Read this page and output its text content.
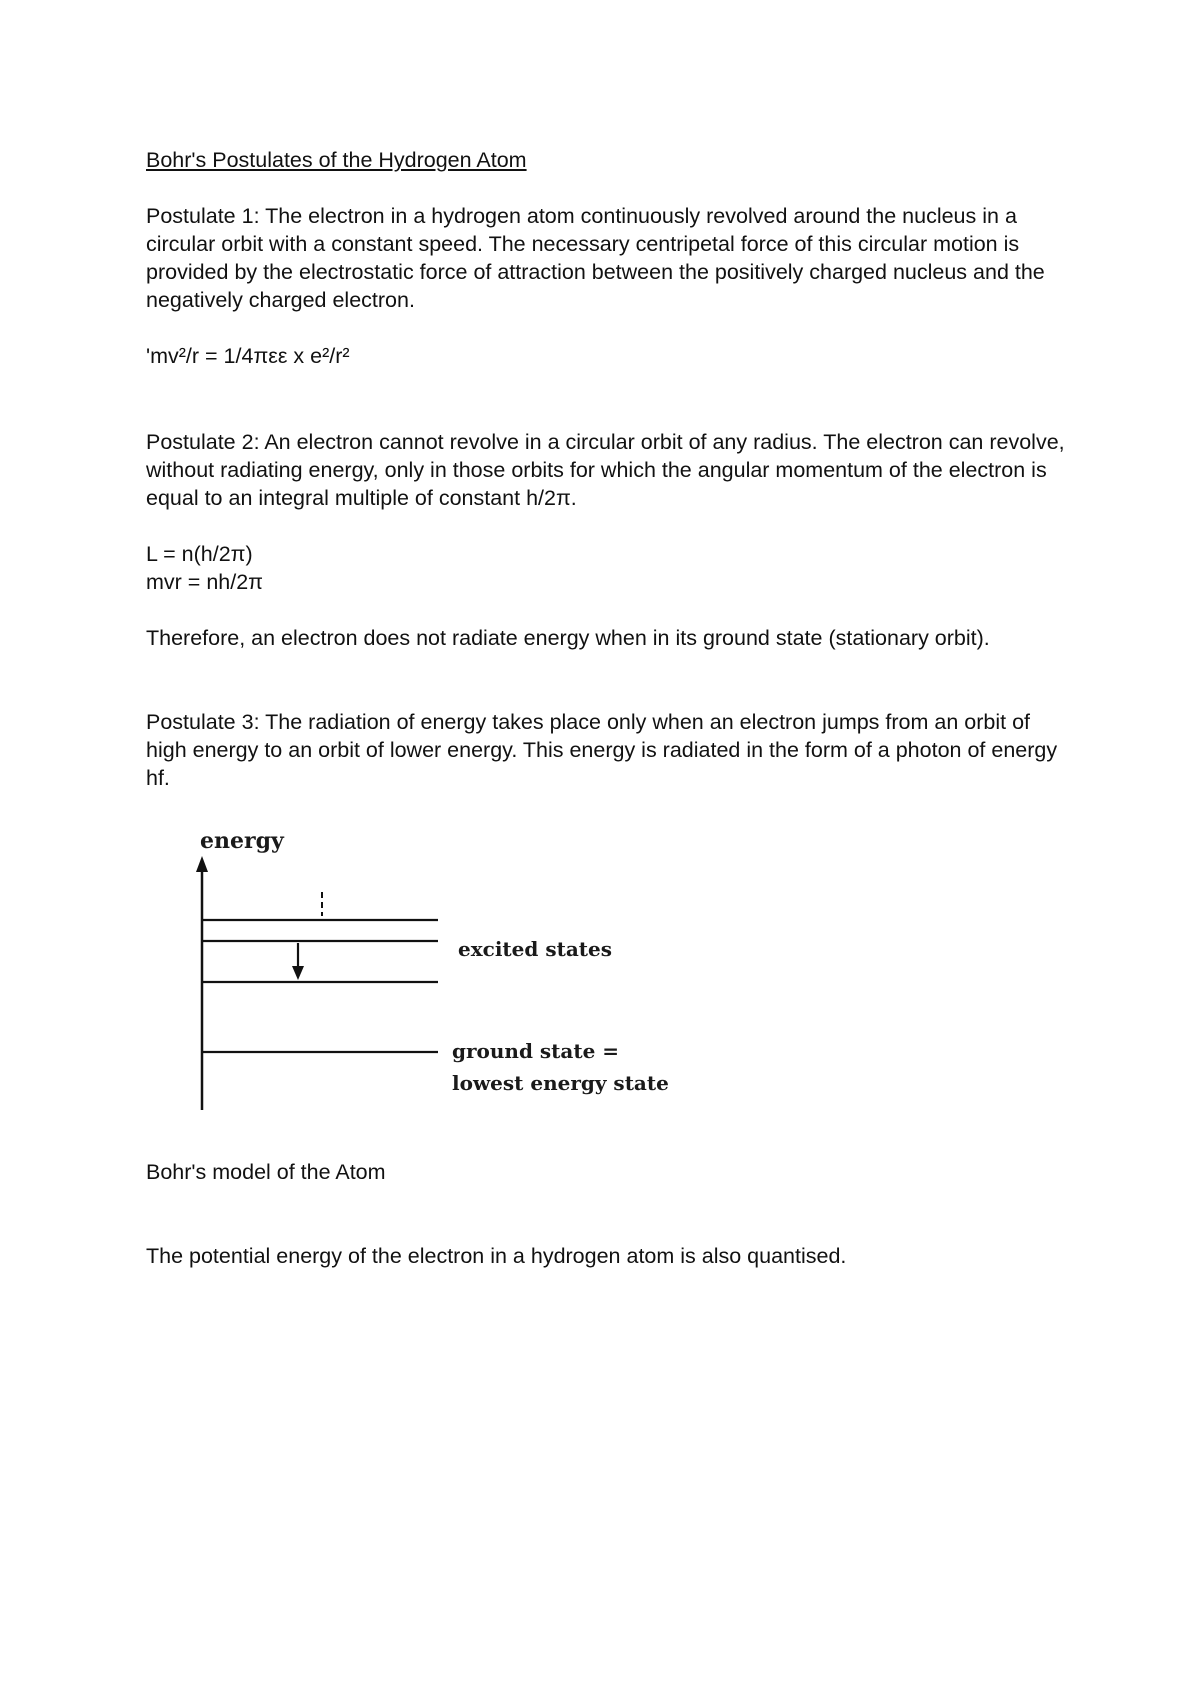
Bohr's Postulates of the Hydrogen Atom

Postulate 1: The electron in a hydrogen atom continuously revolved around the nucleus in a circular orbit with a constant speed. The necessary centripetal force of this circular motion is provided by the electrostatic force of attraction between the positively charged nucleus and the negatively charged electron.

'mv²/r = 1/4πεε x e²/r²

Postulate 2: An electron cannot revolve in a circular orbit of any radius. The electron can revolve, without radiating energy, only in those orbits for which the angular momentum of the electron is equal to an integral multiple of constant h/2π.

L = n(h/2π)

mvr = nh/2π

Therefore, an electron does not radiate energy when in its ground state (stationary orbit).

Postulate 3: The radiation of energy takes place only when an electron jumps from an orbit of high energy to an orbit of lower energy. This energy is radiated in the form of a photon of energy hf.

energy
excited states
ground state =
lowest energy state

Bohr's model of the Atom

The potential energy of the electron in a hydrogen atom is also quantised.
